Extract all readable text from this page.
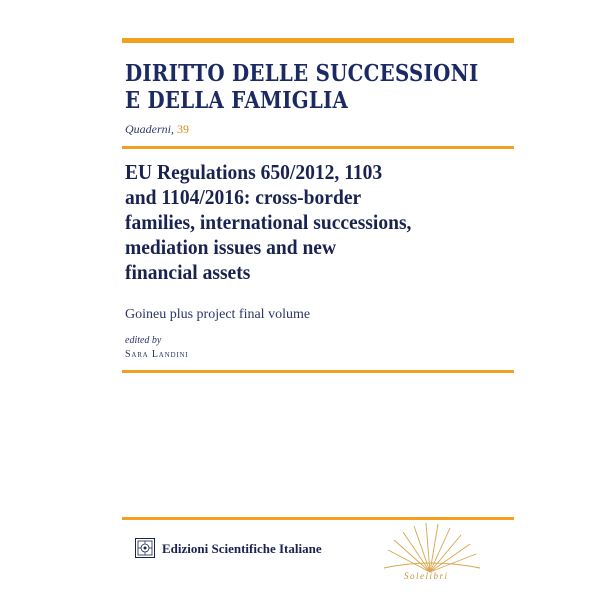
DIRITTO DELLE SUCCESSIONI
E DELLA FAMIGLIA
Quaderni, 39
EU Regulations 650/2012, 1103
and 1104/2016: cross-border
families, international successions,
mediation issues and new
financial assets
Goineu plus project final volume
edited by
Sara Landini
Edizioni Scientifiche Italiane
Solelibri
